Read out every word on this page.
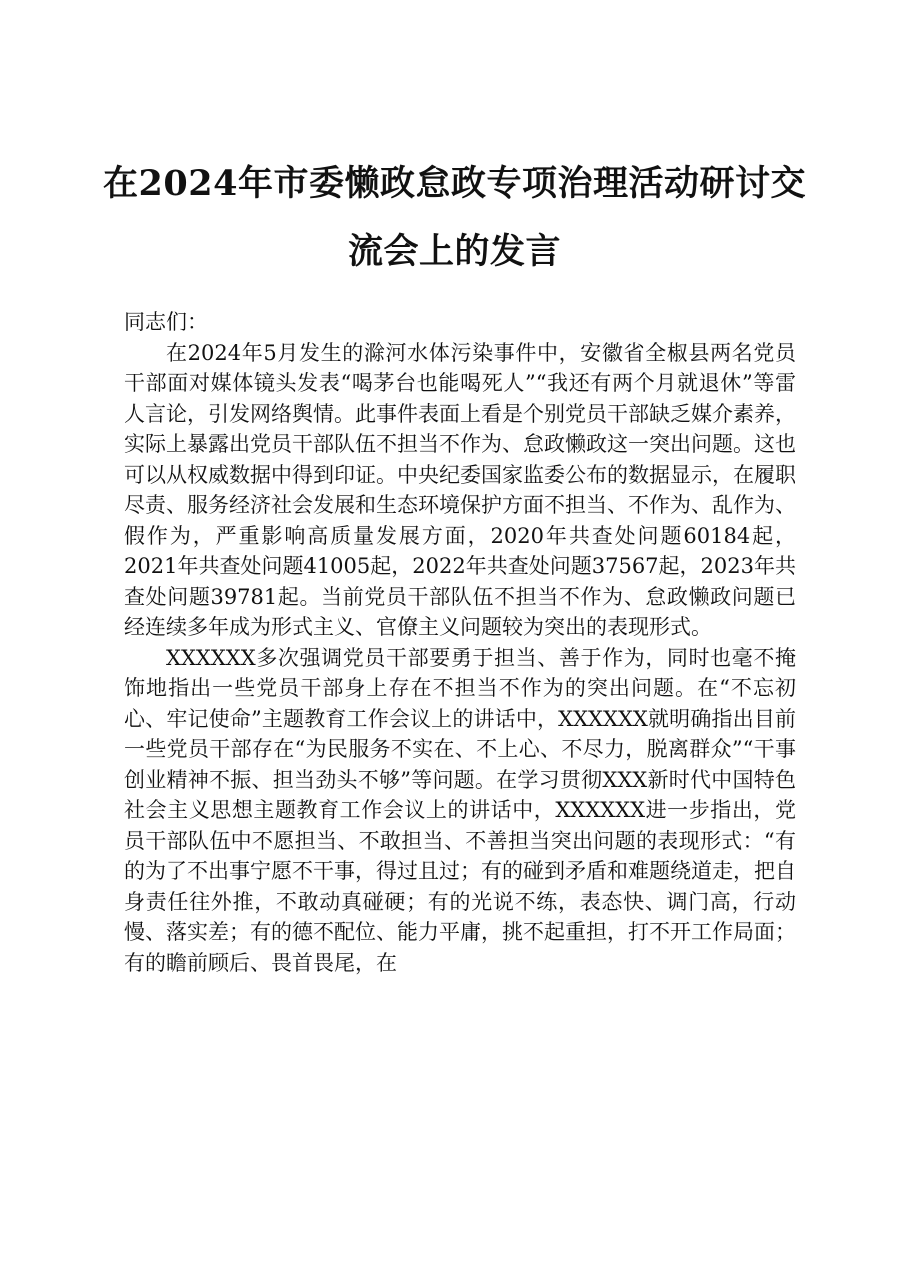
在2024年市委懒政怠政专项治理活动研讨交
流会上的发言

同志们：

在2024年5月发生的滁河水体污染事件中，安徽省全椒县两名党员干部面对媒体镜头发表“喝茅台也能喝死人”“我还有两个月就退休”等雷人言论，引发网络舆情。此事件表面上看是个别党员干部缺乏媒介素养，实际上暴露出党员干部队伍不担当不作为、怠政懒政这一突出问题。这也可以从权威数据中得到印证。中央纪委国家监委公布的数据显示，在履职尽责、服务经济社会发展和生态环境保护方面不担当、不作为、乱作为、假作为，严重影响高质量发展方面，2020年共查处问题60184起，2021年共查处问题41005起，2022年共查处问题37567起，2023年共查处问题39781起。当前党员干部队伍不担当不作为、怠政懒政问题已经连续多年成为形式主义、官僚主义问题较为突出的表现形式。

XXXXXX多次强调党员干部要勇于担当、善于作为，同时也毫不掩饰地指出一些党员干部身上存在不担当不作为的突出问题。在“不忘初心、牢记使命”主题教育工作会议上的讲话中，XXXXXX就明确指出目前一些党员干部存在“为民服务不实在、不上心、不尽力，脱离群众”“干事创业精神不振、担当劲头不够”等问题。在学习贯彻XXX新时代中国特色社会主义思想主题教育工作会议上的讲话中，XXXXXX进一步指出，党员干部队伍中不愿担当、不敢担当、不善担当突出问题的表现形式：“有的为了不出事宁愿不干事，得过且过；有的碰到矛盾和难题绕道走，把自身责任往外推，不敢动真碰硬；有的光说不练，表态快、调门高，行动慢、落实差；有的德不配位、能力平庸，挑不起重担，打不开工作局面；有的瞻前顾后、畏首畏尾，在
